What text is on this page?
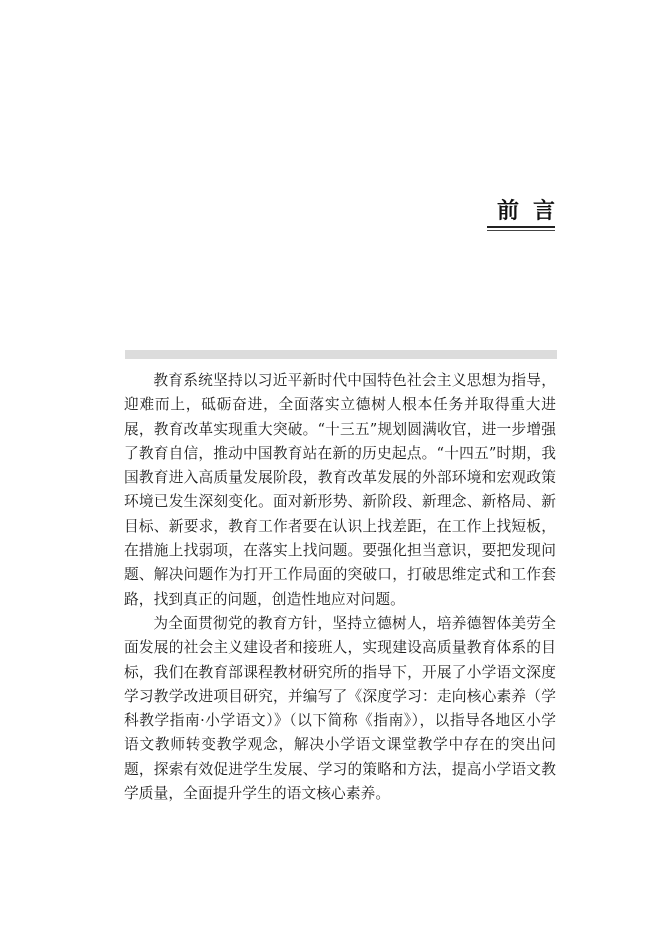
前言

教育系统坚持以习近平新时代中国特色社会主义思想为指导，迎难而上，砥砺奋进，全面落实立德树人根本任务并取得重大进展，教育改革实现重大突破。“十三五”规划圆满收官，进一步增强了教育自信，推动中国教育站在新的历史起点。“十四五”时期，我国教育进入高质量发展阶段，教育改革发展的外部环境和宏观政策环境已发生深刻变化。面对新形势、新阶段、新理念、新格局、新目标、新要求，教育工作者要在认识上找差距，在工作上找短板，在措施上找弱项，在落实上找问题。要强化担当意识，要把发现问题、解决问题作为打开工作局面的突破口，打破思维定式和工作套路，找到真正的问题，创造性地应对问题。

为全面贯彻党的教育方针，坚持立德树人，培养德智体美劳全面发展的社会主义建设者和接班人，实现建设高质量教育体系的目标，我们在教育部课程教材研究所的指导下，开展了小学语文深度学习教学改进项目研究，并编写了《深度学习：走向核心素养（学科教学指南·小学语文）》（以下简称《指南》），以指导各地区小学语文教师转变教学观念，解决小学语文课堂教学中存在的突出问题，探索有效促进学生发展、学习的策略和方法，提高小学语文教学质量，全面提升学生的语文核心素养。
